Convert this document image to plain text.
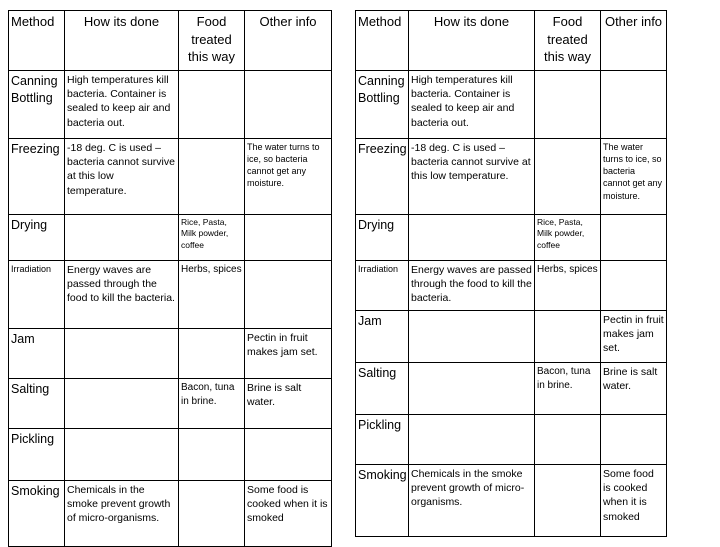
Method	How its done	Food treated this way	Other info
Canning Bottling	High temperatures kill bacteria. Container is sealed to keep air and bacteria out.		
Freezing	-18 deg. C is used – bacteria cannot survive at this low temperature.		The water turns to ice, so bacteria cannot get any moisture.
Drying		Rice, Pasta, Milk powder, coffee	
Irradiation	Energy waves are passed through the food to kill the bacteria.	Herbs, spices	
Jam			Pectin in fruit makes jam set.
Salting		Bacon, tuna in brine.	Brine is salt water.
Pickling			
Smoking	Chemicals in the smoke prevent growth of micro-organisms.		Some food is cooked when it is smoked
Method	How its done	Food treated this way	Other info
Canning Bottling	High temperatures kill bacteria. Container is sealed to keep air and bacteria out.		
Freezing	-18 deg. C is used – bacteria cannot survive at this low temperature.		The water turns to ice, so bacteria cannot get any moisture.
Drying		Rice, Pasta, Milk powder, coffee	
Irradiation	Energy waves are passed through the food to kill the bacteria.	Herbs, spices	
Jam			Pectin in fruit makes jam set.
Salting		Bacon, tuna in brine.	Brine is salt water.
Pickling			
Smoking	Chemicals in the smoke prevent growth of micro-organisms.		Some food is cooked when it is smoked
